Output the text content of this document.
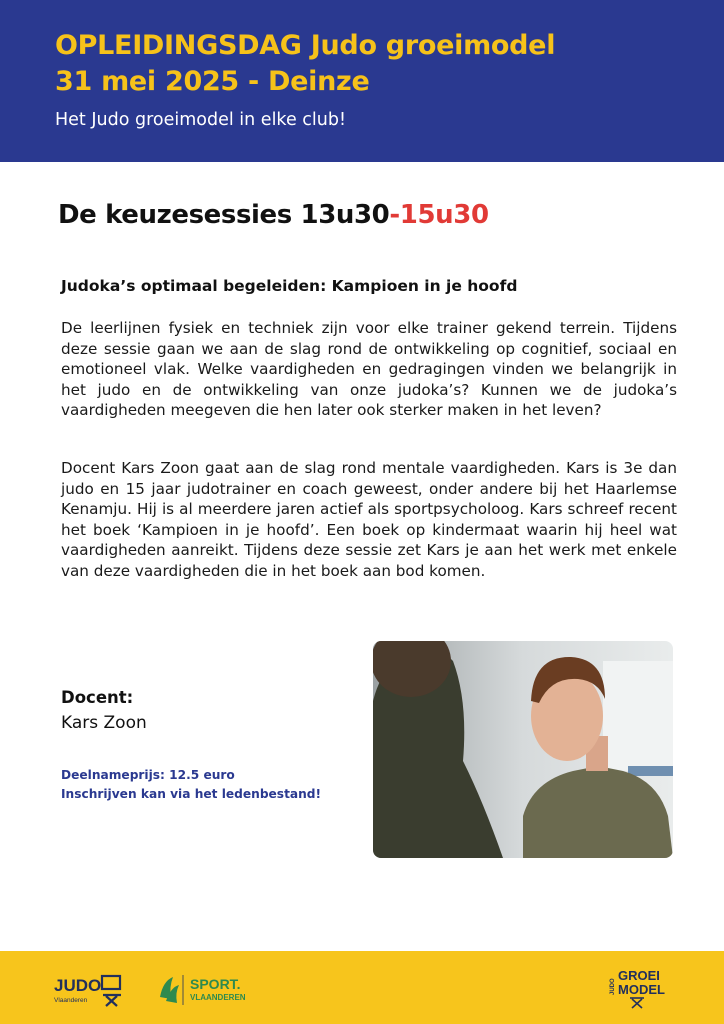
OPLEIDINGSDAG Judo groeimodel
31 mei 2025 - Deinze
Het Judo groeimodel in elke club!
De keuzesessies 13u30-15u30
Judoka’s optimaal begeleiden: Kampioen in je hoofd

De leerlijnen fysiek en techniek zijn voor elke trainer gekend terrein. Tijdens deze sessie gaan we aan de slag rond de ontwikkeling op cognitief, sociaal en emotioneel vlak. Welke vaardigheden en gedragingen vinden we belangrijk in het judo en de ontwikkeling van onze judoka’s? Kunnen we de judoka’s vaardigheden meegeven die hen later ook sterker maken in het leven?

Docent Kars Zoon gaat aan de slag rond mentale vaardigheden. Kars is 3e dan judo en 15 jaar judotrainer en coach geweest, onder andere bij het Haarlemse Kenamju. Hij is al meerdere jaren actief als sportpsycholoog. Kars schreef recent het boek ‘Kampioen in je hoofd’. Een boek op kindermaat waarin hij heel wat vaardigheden aanreikt. Tijdens deze sessie zet Kars je aan het werk met enkele van deze vaardigheden die in het boek aan bod komen.

Docent:
Kars Zoon
Deelnameprijs: 12.5 euro
Inschrijven kan via het ledenbestand!
JUDO
Vlaanderen
SPORT.
VLAANDEREN
JUDO
GROEI
MODEL
